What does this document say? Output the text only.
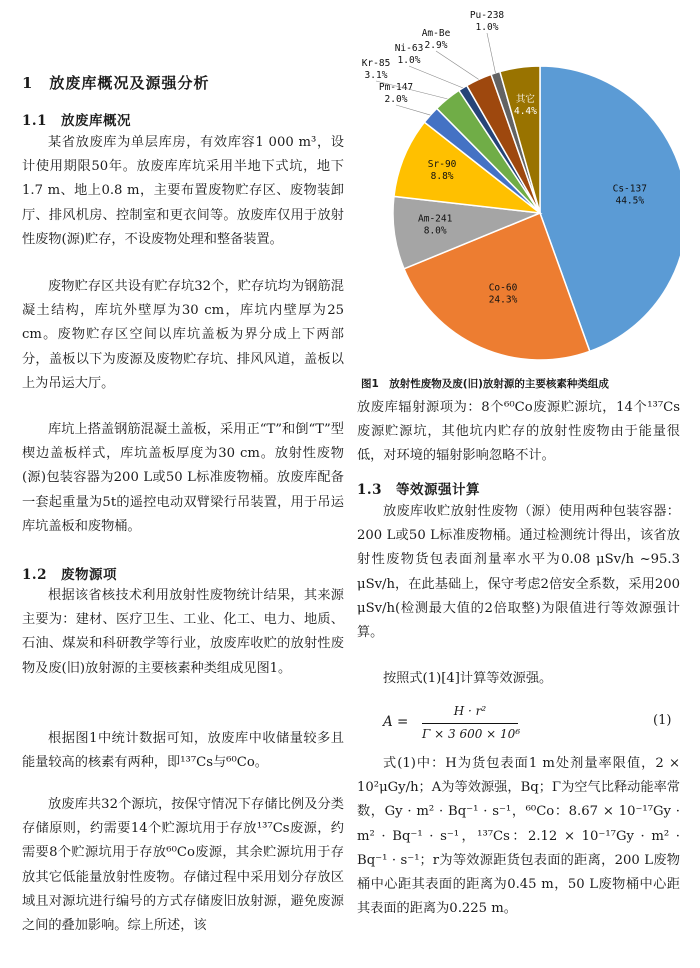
1　放废库概况及源强分析
1.1　放废库概况

某省放废库为单层库房，有效库容1 000 m³，设计使用期限50年。放废库库坑采用半地下式坑，地下1.7 m、地上0.8 m，主要布置废物贮存区、废物装卸厅、排风机房、控制室和更衣间等。放废库仅用于放射性废物(源)贮存，不设废物处理和整备装置。

废物贮存区共设有贮存坑32个，贮存坑均为钢筋混凝土结构，库坑外壁厚为30 cm，库坑内壁厚为25 cm。废物贮存区空间以库坑盖板为界分成上下两部分，盖板以下为废源及废物贮存坑、排风风道，盖板以上为吊运大厅。

库坑上搭盖钢筋混凝土盖板，采用正“T”和倒“T”型楔边盖板样式，库坑盖板厚度为30 cm。放射性废物(源)包装容器为200 L或50 L标准废物桶。放废库配备一套起重量为5t的遥控电动双臂梁行吊装置，用于吊运库坑盖板和废物桶。

1.2　废物源项

根据该省核技术利用放射性废物统计结果，其来源主要为：建材、医疗卫生、工业、化工、电力、地质、石油、煤炭和科研教学等行业，放废库收贮的放射性废物及废(旧)放射源的主要核素种类组成见图1。

根据图1中统计数据可知，放废库中收储量较多且能量较高的核素有两种，即¹³⁷Cs与⁶⁰Co。

放废库共32个源坑，按保守情况下存储比例及分类存储原则，约需要14个贮源坑用于存放¹³⁷Cs废源，约需要8个贮源坑用于存放⁶⁰Co废源，其余贮源坑用于存放其它低能量放射性废物。存储过程中采用划分存放区域且对源坑进行编号的方式存储废旧放射源，避免废源之间的叠加影响。综上所述，该

Cs-137
44.5%
Co-60
24.3%
Am-241
8.0%
Sr-90
8.8%
Pm-147
2.0%
Kr-85
3.1%
Ni-63
1.0%
Am-Be
2.9%
Pu-238
1.0%
其它
4.4%
图1　放射性废物及废(旧)放射源的主要核素种类组成

放废库辐射源项为：8个⁶⁰Co废源贮源坑，14个¹³⁷Cs废源贮源坑，其他坑内贮存的放射性废物由于能量很低，对环境的辐射影响忽略不计。

1.3　等效源强计算

放废库收贮放射性废物（源）使用两种包装容器：200 L或50 L标准废物桶。通过检测统计得出，该省放射性废物货包表面剂量率水平为0.08 μSv/h ~95.3 μSv/h，在此基础上，保守考虑2倍安全系数，采用200 μSv/h(检测最大值的2倍取整)为限值进行等效源强计算。

按照式(1)[4]计算等效源强。

A =
H · r²
Γ × 3 600 × 10⁶
(1)

式(1)中：H为货包表面1 m处剂量率限值，2 × 10²μGy/h；A为等效源强，Bq；Γ为空气比释动能率常数，Gy · m² · Bq⁻¹ · s⁻¹，⁶⁰Co：8.67 × 10⁻¹⁷Gy · m² · Bq⁻¹ · s⁻¹，¹³⁷Cs：2.12 × 10⁻¹⁷Gy · m² · Bq⁻¹ · s⁻¹；r为等效源距货包表面的距离，200 L废物桶中心距其表面的距离为0.45 m，50 L废物桶中心距其表面的距离为0.225 m。
